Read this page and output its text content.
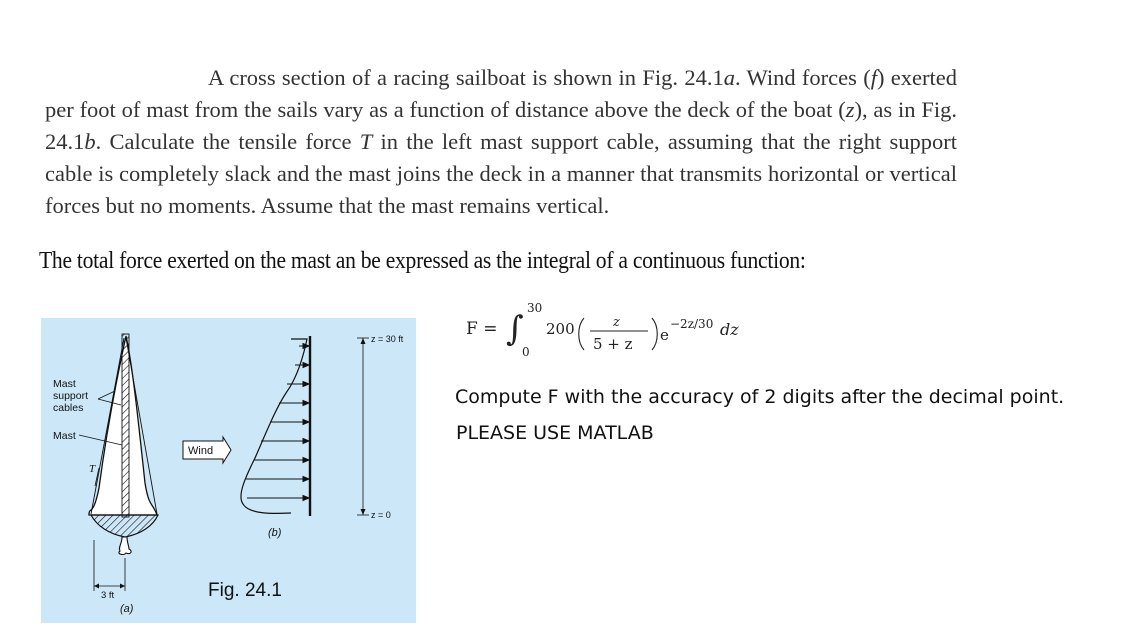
A cross section of a racing sailboat is shown in Fig. 24.1a. Wind forces (f) exerted per foot of mast from the sails vary as a function of distance above the deck of the boat (z), as in Fig. 24.1b. Calculate the tensile force T in the left mast support cable, assuming that the right support cable is completely slack and the mast joins the deck in a manner that transmits horizontal or vertical forces but no moments. Assume that the mast remains vertical.

The total force exerted on the mast an be expressed as the integral of a continuous function:
Mast
support
cables
Mast
T
3 ft
(a)
Wind
(b)
z = 30 ft
z = 0
Fig. 24.1
F = ∫
30
0
200	z
5 + z e
−2z/30 dz
Compute F with the accuracy of 2 digits after the decimal point.
PLEASE USE MATLAB
